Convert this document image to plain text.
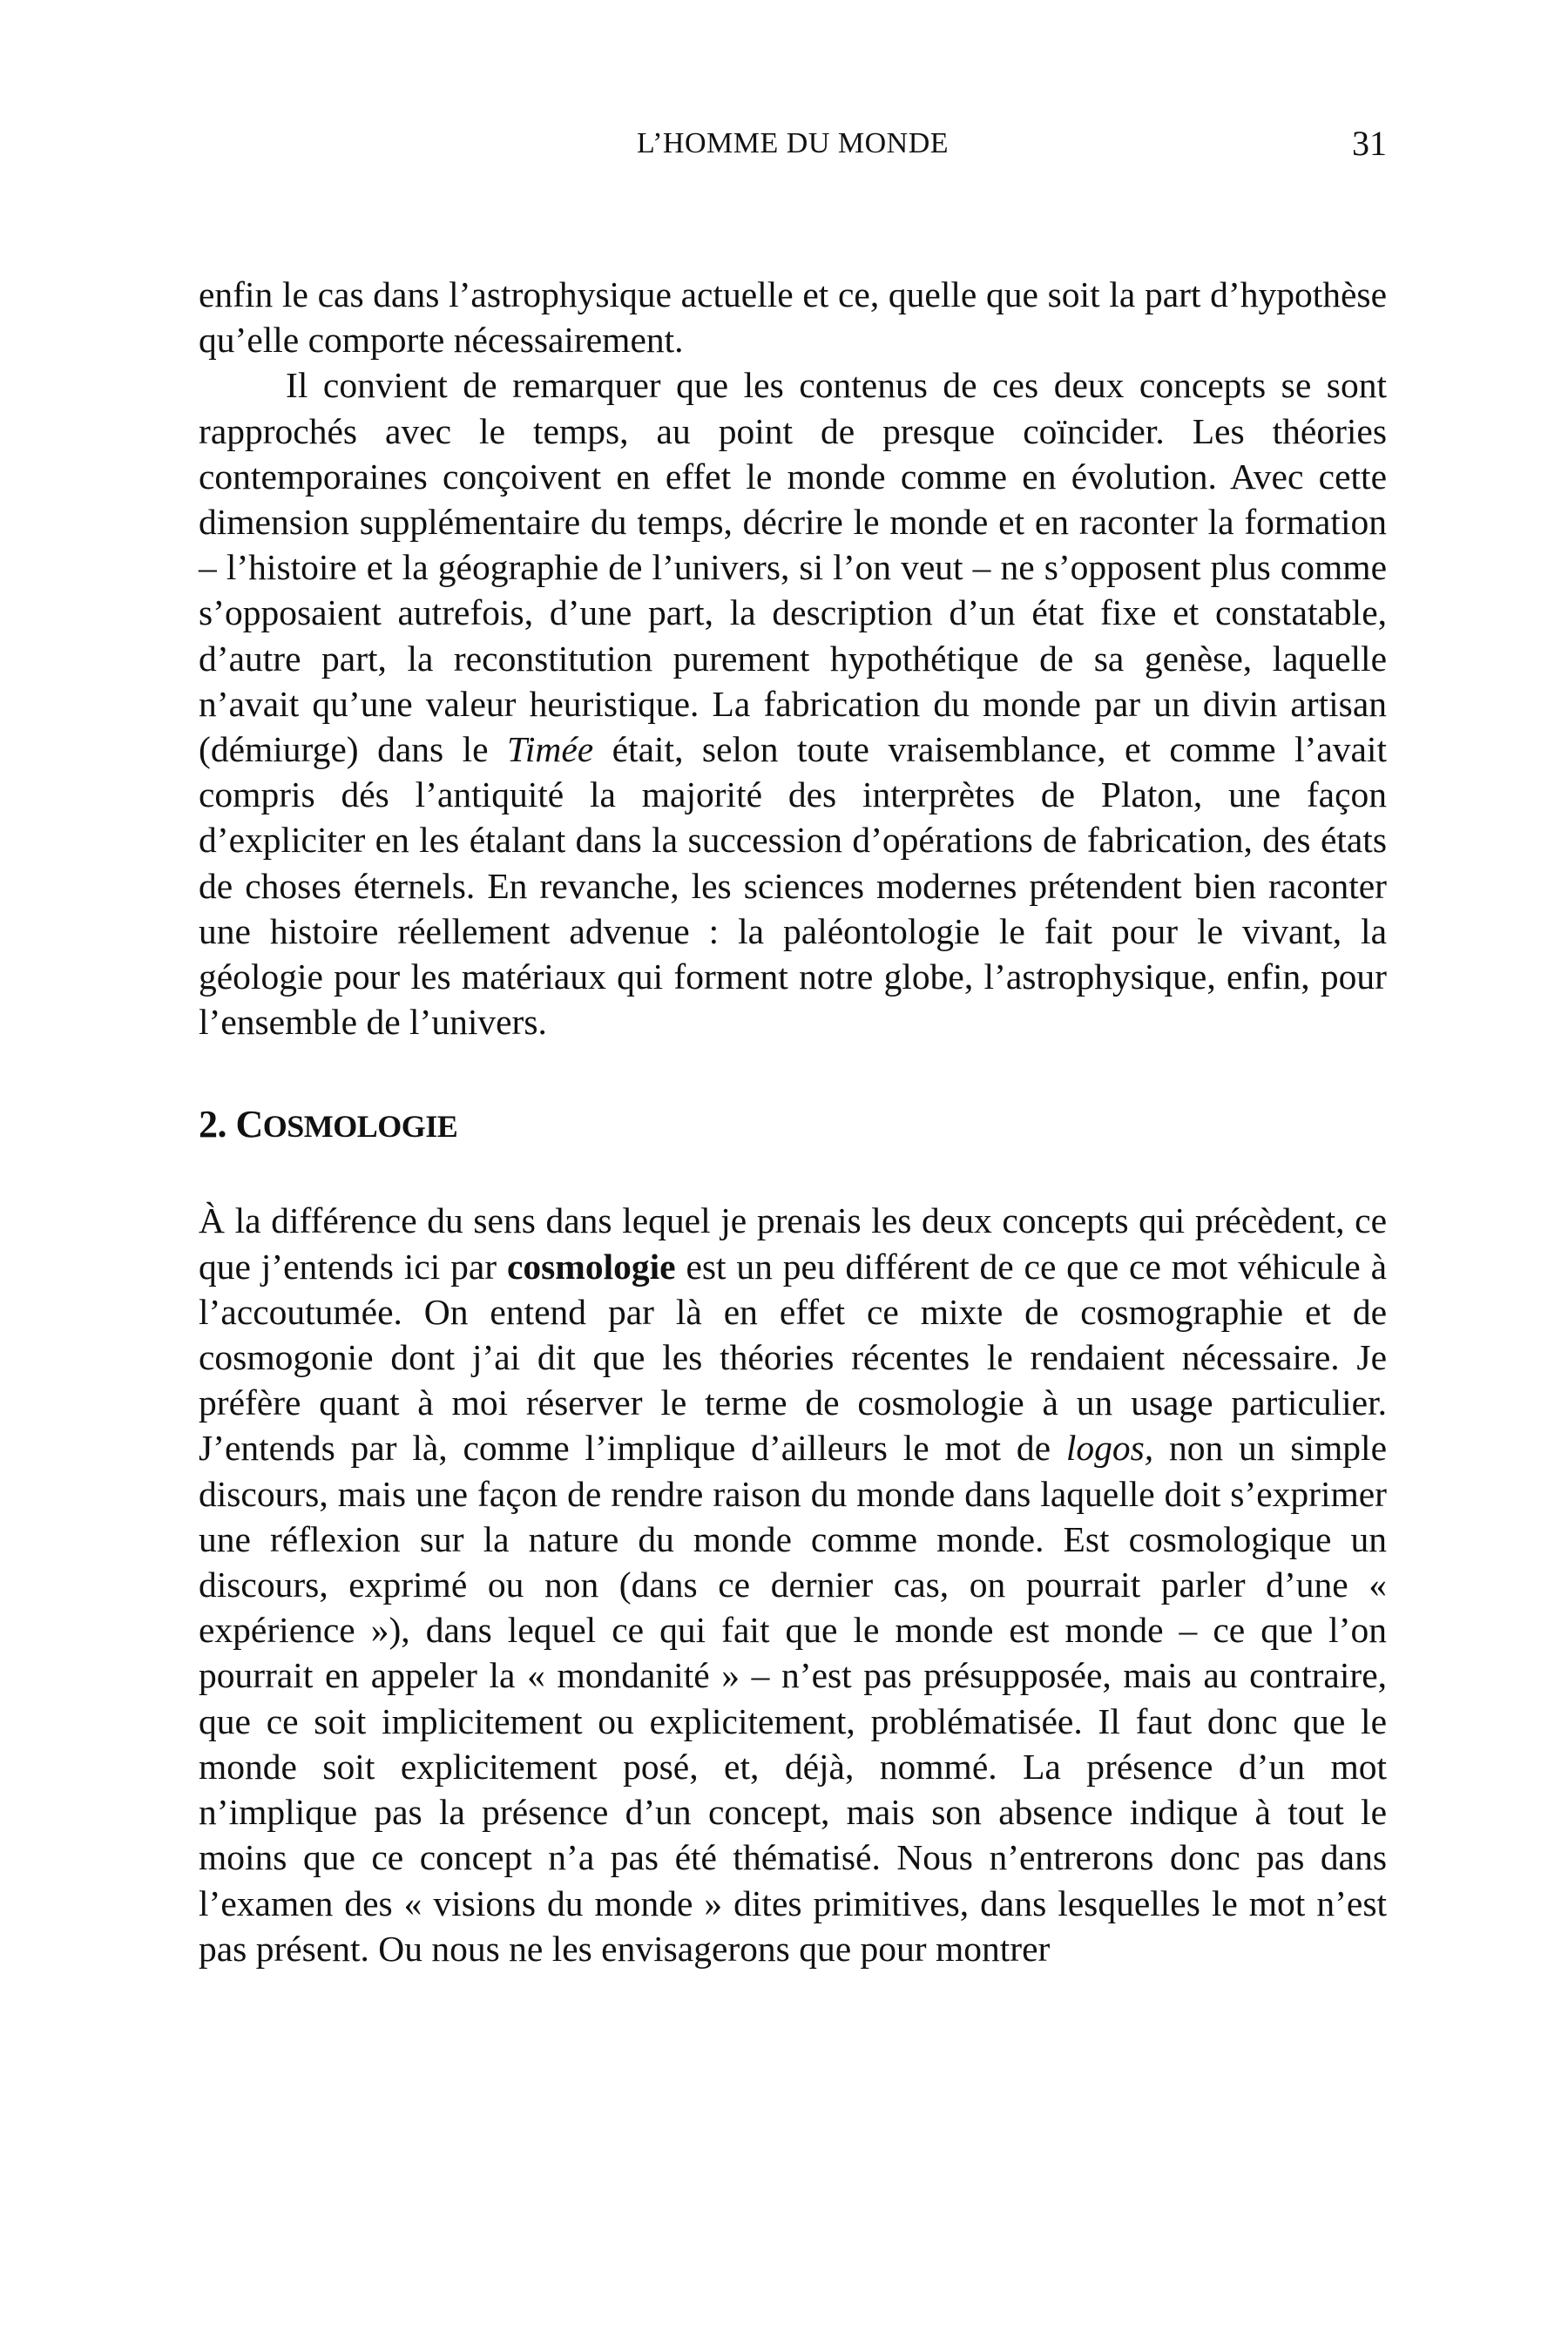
L’HOMME DU MONDE	31

enfin le cas dans l’astrophysique actuelle et ce, quelle que soit la part d’hypothèse qu’elle comporte nécessairement.

Il convient de remarquer que les contenus de ces deux concepts se sont rapprochés avec le temps, au point de presque coïncider. Les théories contemporaines conçoivent en effet le monde comme en évolution. Avec cette dimension supplémentaire du temps, décrire le monde et en raconter la formation – l’histoire et la géographie de l’univers, si l’on veut – ne s’opposent plus comme s’opposaient autrefois, d’une part, la description d’un état fixe et constatable, d’autre part, la reconstitution purement hypothétique de sa genèse, laquelle n’avait qu’une valeur heuristique. La fabrication du monde par un divin artisan (démiurge) dans le Timée était, selon toute vraisemblance, et comme l’avait compris dés l’antiquité la majorité des interprètes de Platon, une façon d’expliciter en les étalant dans la succession d’opérations de fabrication, des états de choses éternels. En revanche, les sciences modernes prétendent bien raconter une histoire réellement advenue : la paléontologie le fait pour le vivant, la géologie pour les matériaux qui forment notre globe, l’astrophysique, enfin, pour l’ensemble de l’univers.

2. COSMOLOGIE

À la différence du sens dans lequel je prenais les deux concepts qui précèdent, ce que j’entends ici par cosmologie est un peu différent de ce que ce mot véhicule à l’accoutumée. On entend par là en effet ce mixte de cosmographie et de cosmogonie dont j’ai dit que les théories récentes le rendaient nécessaire. Je préfère quant à moi réserver le terme de cosmologie à un usage particulier. J’entends par là, comme l’implique d’ailleurs le mot de logos, non un simple discours, mais une façon de rendre raison du monde dans laquelle doit s’exprimer une réflexion sur la nature du monde comme monde. Est cosmologique un discours, exprimé ou non (dans ce dernier cas, on pourrait parler d’une « expérience »), dans lequel ce qui fait que le monde est monde – ce que l’on pourrait en appeler la « mondanité » – n’est pas présupposée, mais au contraire, que ce soit implicitement ou explicitement, problématisée. Il faut donc que le monde soit explicitement posé, et, déjà, nommé. La présence d’un mot n’implique pas la présence d’un concept, mais son absence indique à tout le moins que ce concept n’a pas été thématisé. Nous n’entrerons donc pas dans l’examen des « visions du monde » dites primitives, dans lesquelles le mot n’est pas présent. Ou nous ne les envisagerons que pour montrer
